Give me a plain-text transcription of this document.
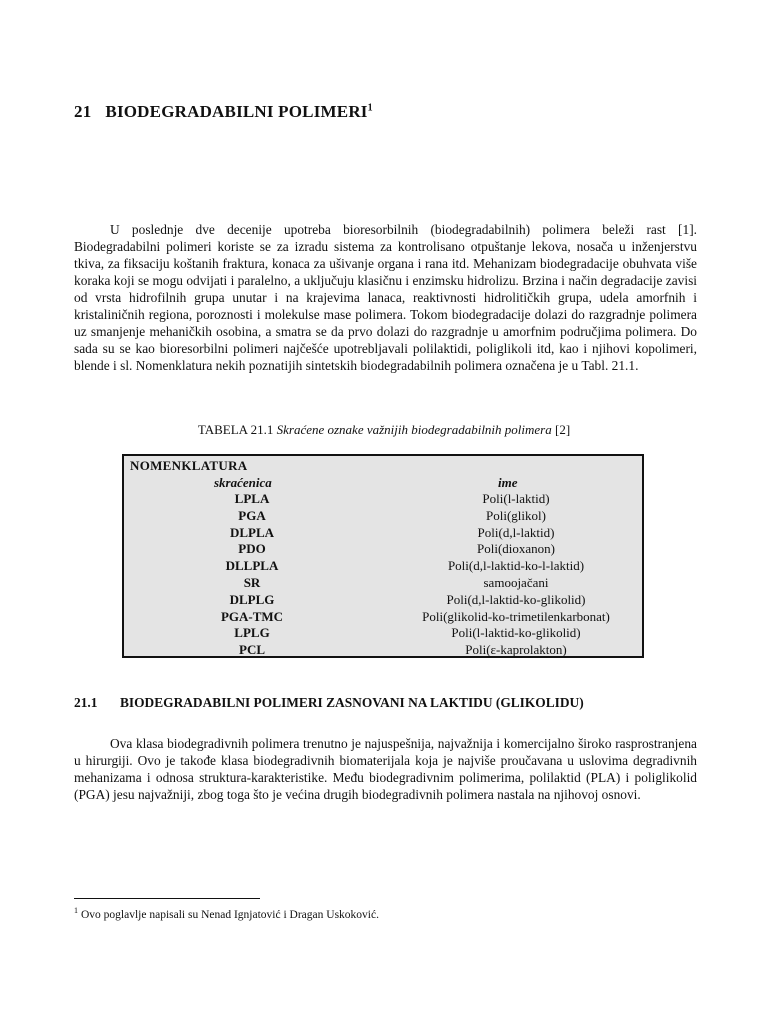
21 BIODEGRADABILNI POLIMERI$^1$

U poslednje dve decenije upotreba bioresorbilnih (biodegradabilnih) polimera beleži rast [1]. Biodegradabilni polimeri koriste se za izradu sistema za kontrolisano otpuštanje lekova, nosača u inženjerstvu tkiva, za fiksaciju koštanih fraktura, konaca za ušivanje organa i rana itd. Mehanizam biodegradacije obuhvata više koraka koji se mogu odvijati i paralelno, a uključuju klasičnu i enzimsku hidrolizu. Brzina i način degradacije zavisi od vrsta hidrofilnih grupa unutar i na krajevima lanaca, reaktivnosti hidrolitičkih grupa, udela amorfnih i kristaliničnih regiona, poroznosti i molekulse mase polimera. Tokom biodegradacije dolazi do razgradnje polimera uz smanjenje mehaničkih osobina, a smatra se da prvo dolazi do razgradnje u amorfnim područjima polimera. Do sada su se kao bioresorbilni polimeri najčešće upotrebljavali polilaktidi, poliglikoli itd, kao i njihovi kopolimeri, blende i sl. Nomenklatura nekih poznatijih sintetskih biodegradabilnih polimera označena je u Tabl. 21.1.

TABELA 21.1 Skraćene oznake važnijih biodegradabilnih polimera [2]
NOMENKLATURA
skraćenica	ime
LPLA	Poli(l-laktid)
PGA	Poli(glikol)
DLPLA	Poli(d,l-laktid)
PDO	Poli(dioxanon)
DLLPLA	Poli(d,l-laktid-ko-l-laktid)
SR	samoojačani
DLPLG	Poli(d,l-laktid-ko-glikolid)
PGA-TMC	Poli(glikolid-ko-trimetilenkarbonat)
LPLG	Poli(l-laktid-ko-glikolid)
PCL	Poli(ε-kaprolakton)
21.1 BIODEGRADABILNI POLIMERI ZASNOVANI NA LAKTIDU (GLIKOLIDU)

Ova klasa biodegradivnih polimera trenutno je najuspešnija, najvažnija i komercijalno široko rasprostranjena u hirurgiji. Ovo je takođe klasa biodegradivnih biomaterijala koja je najviše proučavana u uslovima degradivnih mehanizama i odnosa struktura-karakteristike. Među biodegradivnim polimerima, polilaktid (PLA) i poliglikolid (PGA) jesu najvažniji, zbog toga što je većina drugih biodegradivnih polimera nastala na njihovoj osnovi.

$^1$ Ovo poglavlje napisali su Nenad Ignjatović i Dragan Uskoković.
